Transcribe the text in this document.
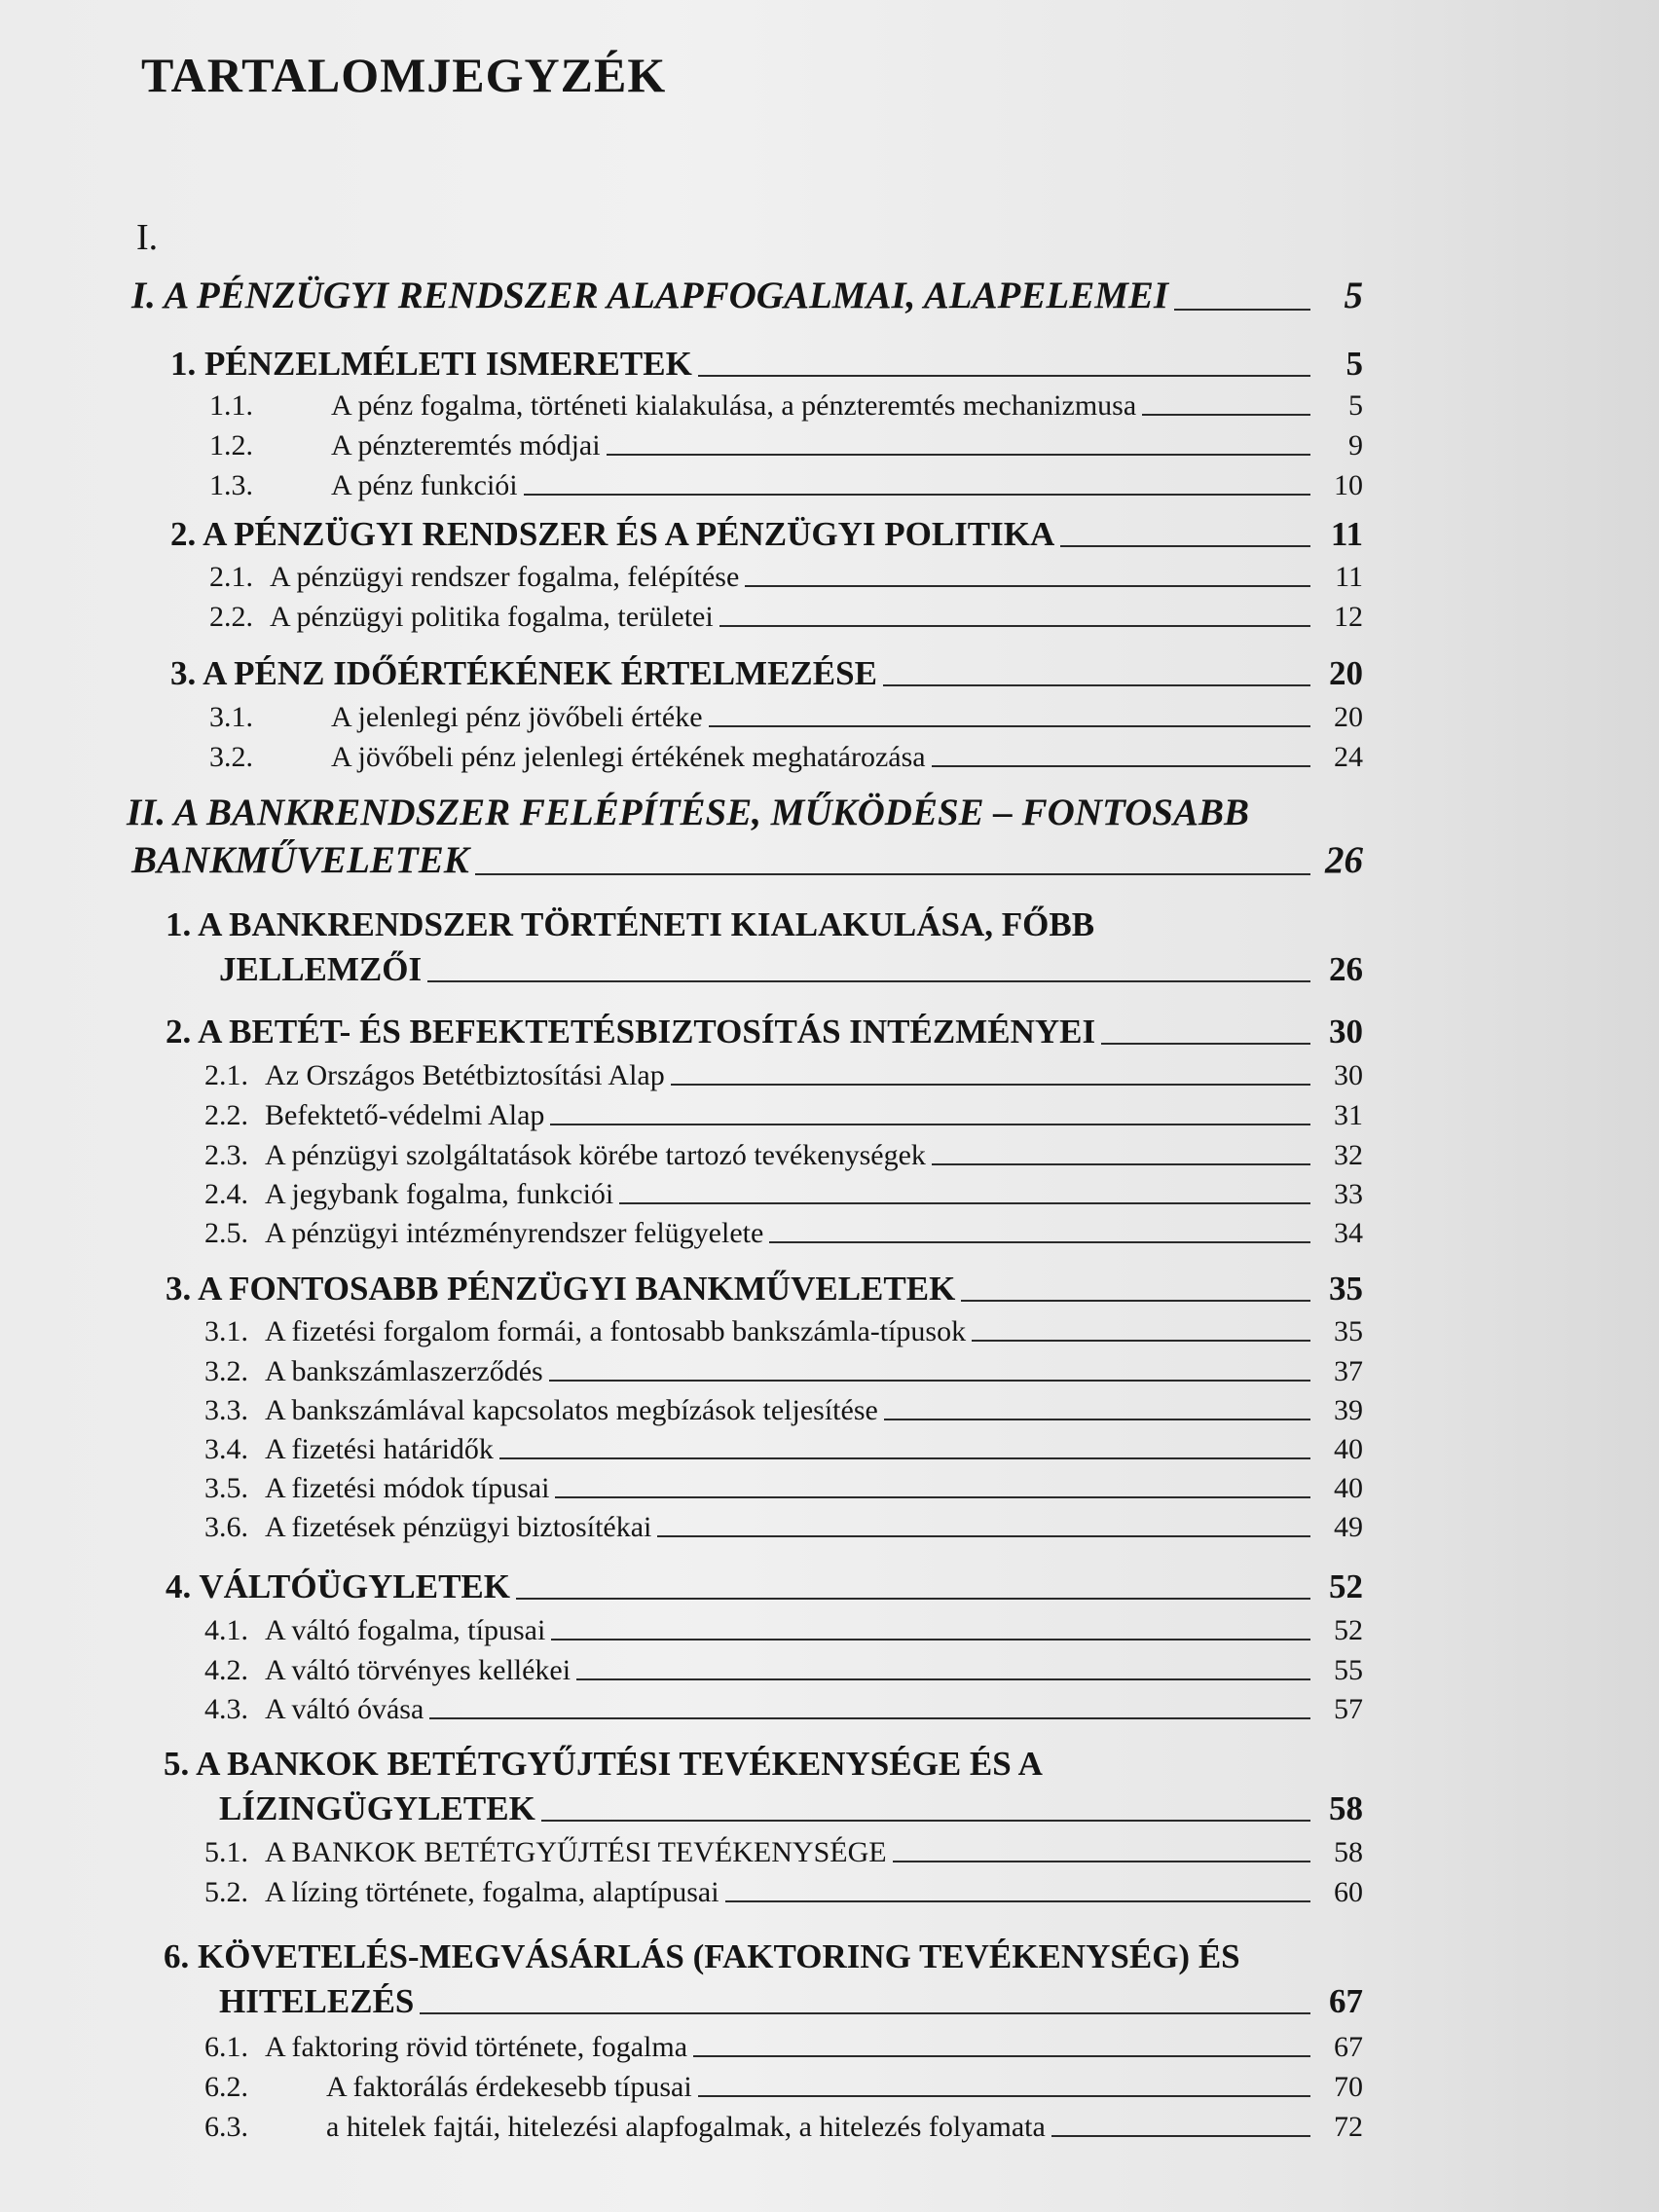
TARTALOMJEGYZÉK
I.
I. A PÉNZÜGYI RENDSZER ALAPFOGALMAI, ALAPELEMEI	5
1. PÉNZELMÉLETI ISMERETEK	5
1.1.	A pénz fogalma, történeti kialakulása, a pénzteremtés mechanizmusa	5
1.2.	A pénzteremtés módjai	9
1.3.	A pénz funkciói	10
2. A PÉNZÜGYI RENDSZER ÉS A PÉNZÜGYI POLITIKA	11
2.1. A pénzügyi rendszer fogalma, felépítése	11
2.2. A pénzügyi politika fogalma, területei	12
3. A PÉNZ IDŐÉRTÉKÉNEK ÉRTELMEZÉSE	20
3.1.	A jelenlegi pénz jövőbeli értéke	20
3.2.	A jövőbeli pénz jelenlegi értékének meghatározása	24
II. A BANKRENDSZER FELÉPÍTÉSE, MŰKÖDÉSE – FONTOSABB
BANKMŰVELETEK	26
1. A BANKRENDSZER TÖRTÉNETI KIALAKULÁSA, FŐBB
JELLEMZŐI	26
2. A BETÉT- ÉS BEFEKTETÉSBIZTOSÍTÁS INTÉZMÉNYEI	30
2.1. Az Országos Betétbiztosítási Alap	30
2.2. Befektető-védelmi Alap	31
2.3. A pénzügyi szolgáltatások körébe tartozó tevékenységek	32
2.4. A jegybank fogalma, funkciói	33
2.5. A pénzügyi intézményrendszer felügyelete	34
3. A FONTOSABB PÉNZÜGYI BANKMŰVELETEK	35
3.1. A fizetési forgalom formái, a fontosabb bankszámla-típusok	35
3.2. A bankszámlaszerződés	37
3.3. A bankszámlával kapcsolatos megbízások teljesítése	39
3.4. A fizetési határidők	40
3.5. A fizetési módok típusai	40
3.6. A fizetések pénzügyi biztosítékai	49
4. VÁLTÓÜGYLETEK	52
4.1. A váltó fogalma, típusai	52
4.2. A váltó törvényes kellékei	55
4.3. A váltó óvása	57
5. A BANKOK BETÉTGYŰJTÉSI TEVÉKENYSÉGE ÉS A
LÍZINGÜGYLETEK	58
5.1. A BANKOK BETÉTGYŰJTÉSI TEVÉKENYSÉGE	58
5.2. A lízing története, fogalma, alaptípusai	60
6. KÖVETELÉS-MEGVÁSÁRLÁS (FAKTORING TEVÉKENYSÉG) ÉS
HITELEZÉS	67
6.1. A faktoring rövid története, fogalma	67
6.2.	A faktorálás érdekesebb típusai	70
6.3.	a hitelek fajtái, hitelezési alapfogalmak, a hitelezés folyamata	72
